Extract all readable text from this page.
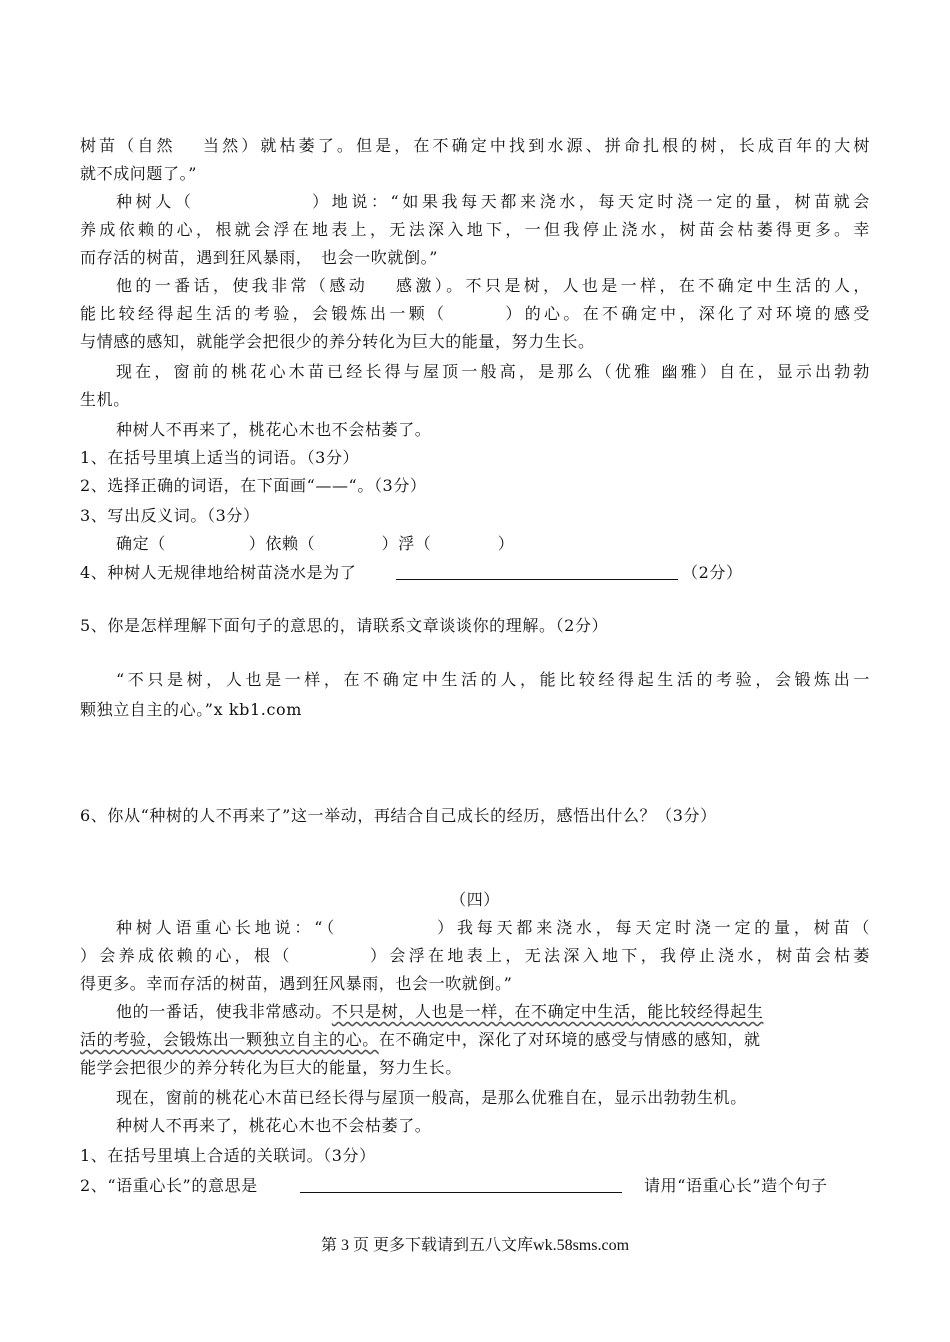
树苗（自然　 当然）就枯萎了。但是，在不确定中找到水源、拼命扎根的树，长成百年的大树
就不成问题了。”
种树人（　　　　　　）地说：“如果我每天都来浇水，每天定时浇一定的量，树苗就会
养成依赖的心，根就会浮在地表上，无法深入地下，一但我停止浇水，树苗会枯萎得更多。幸
而存活的树苗，遇到狂风暴雨，　也会一吹就倒。”
他的一番话，使我非常（感动　 感激）。不只是树，人也是一样，在不确定中生活的人，
能比较经得起生活的考验，会锻炼出一颗（　　　）的心。在不确定中，深化了对环境的感受
与情感的感知，就能学会把很少的养分转化为巨大的能量，努力生长。
现在，窗前的桃花心木苗已经长得与屋顶一般高，是那么（优雅 幽雅）自在，显示出勃勃
生机。
种树人不再来了，桃花心木也不会枯萎了。
1、在括号里填上适当的词语。（3分）
2、选择正确的词语，在下面画“——“。（3分）
3、写出反义词。（3分）
确定（　　　　　）依赖（　　　　）浮（　　　　）
4、种树人无规律地给树苗浇水是为了	（2分）
5、你是怎样理解下面句子的意思的，请联系文章谈谈你的理解。（2分）
“不只是树，人也是一样，在不确定中生活的人，能比较经得起生活的考验，会锻炼出一
颗独立自主的心。”x kb1.com
6、你从“种树的人不再来了”这一举动，再结合自己成长的经历，感悟出什么？（3分）
（四）
种树人语重心长地说：“（　　　　　）我每天都来浇水，每天定时浇一定的量，树苗（
）会养成依赖的心，根（　　　　）会浮在地表上，无法深入地下，我停止浇水，树苗会枯萎
得更多。幸而存活的树苗，遇到狂风暴雨，也会一吹就倒。”
他的一番话，使我非常感动。不只是树，人也是一样，在不确定中生活，能比较经得起生
活的考验，会锻炼出一颗独立自主的心。在不确定中，深化了对环境的感受与情感的感知，就
能学会把很少的养分转化为巨大的能量，努力生长。
现在，窗前的桃花心木苗已经长得与屋顶一般高，是那么优雅自在，显示出勃勃生机。
种树人不再来了，桃花心木也不会枯萎了。
1、在括号里填上合适的关联词。（3分）
2、“语重心长”的意思是	请用“语重心长”造个句子
第 3 页 更多下载请到五八文库wk.58sms.com
